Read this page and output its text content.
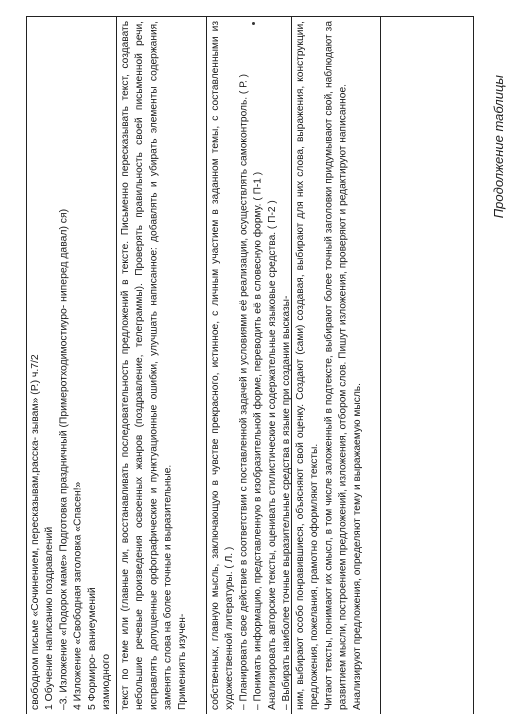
Продолжение таблицы
свободном письме «Сочинением, пересказывам,расска- зывам» (Р.) ч.7/2
1 Обучение написанию поздравлений
–3. Изложение «Подорок маме» Подготовка праздничный (Примеротходимостиуро- ниперед давал) ся)
4 Изложение «Свободная заголовка «Спасен!»
5 Формиро- ваниеумений
измиодного текст по теме или (главные ли, восстанавливать последовательность предложений в тексте. Письменно пересказывать текст, создавать небольшие речевые произведения освоенных жанров (поздравление, телеграммы). Проверять правильность своей письменной речи, исправлять допущенные орфографические и пунктуационные ошибки, улучшать написанное: добавлять и убирать элементы содержания, заменять слова на более точные и выразительные.
Примениять изучен-
собственных, главную мысль, заключающую в чувстве прекрасного, истинное, с личным участием в заданном темы, с составленными из художественной литературы. ( Л. )
– Планировать свое действие в соответствии с поставленной задачей и условиями её реализации, осуществлять самоконтроль. ( Р. )
– Понимать информацию, представленную в изобразительной форме, переводить её в словесную форму. ( П-1 )
Анализировать авторские тексты, оценивать стилистические и содержательные языковые средства. ( П-2 )
– Выбирать наиболее точные выразительные средства в языке при создании высказы-
ним, выбирают особо понравившиеся, объясняют свой оценку. Создают (сами) создавая, выбирают для них слова, выражения, конструкции, предложения, пожелания, грамотно оформляют тексты.
Читают тексты, понимают их смысл, в том числе заложенный в подтексте, выбирают более точный заголовки придумывают свой, наблюдают за развитием мысли, построением предложений, изложения, отбором слов. Пишут изложения, проверяют и редактируют написанное.
Анализируют предложения, определяют тему и выражаемую мысль.
